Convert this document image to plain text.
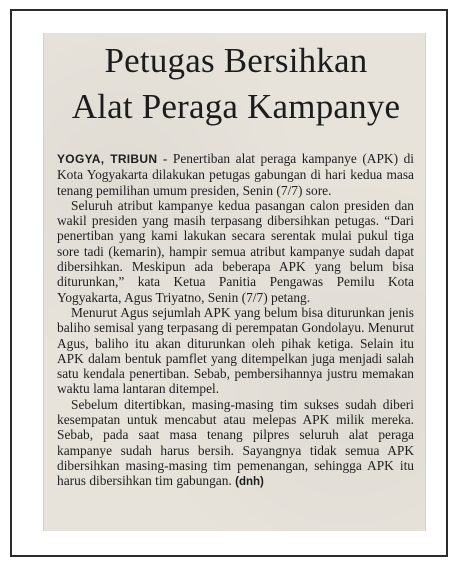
Petugas Bersihkan
Alat Peraga Kampanye

YOGYA, TRIBUN - Penertiban alat peraga kampanye (APK) di Kota Yogyakarta dilakukan petugas gabungan di hari kedua masa tenang pemilihan umum presiden, Senin (7/7) sore.

Seluruh atribut kampanye kedua pasangan calon presiden dan wakil presiden yang masih terpasang dibersihkan petugas. “Dari penertiban yang kami lakukan secara serentak mulai pukul tiga sore tadi (kemarin), hampir semua atribut kampanye sudah dapat dibersihkan. Meskipun ada beberapa APK yang belum bisa diturunkan,” kata Ketua Panitia Pengawas Pemilu Kota Yogyakarta, Agus Triyatno, Senin (7/7) petang.

Menurut Agus sejumlah APK yang belum bisa diturunkan jenis baliho semisal yang terpasang di perempatan Gondolayu. Menurut Agus, baliho itu akan diturunkan oleh pihak ketiga. Selain itu APK dalam bentuk pamflet yang ditempelkan juga menjadi salah satu kendala penertiban. Sebab, pembersihannya justru memakan waktu lama lantaran ditempel.

Sebelum ditertibkan, masing-masing tim sukses sudah diberi kesempatan untuk mencabut atau melepas APK milik mereka. Sebab, pada saat masa tenang pilpres seluruh alat peraga kampanye sudah harus bersih. Sayangnya tidak semua APK dibersihkan masing-masing tim pemenangan, sehingga APK itu harus dibersihkan tim gabungan. (dnh)
